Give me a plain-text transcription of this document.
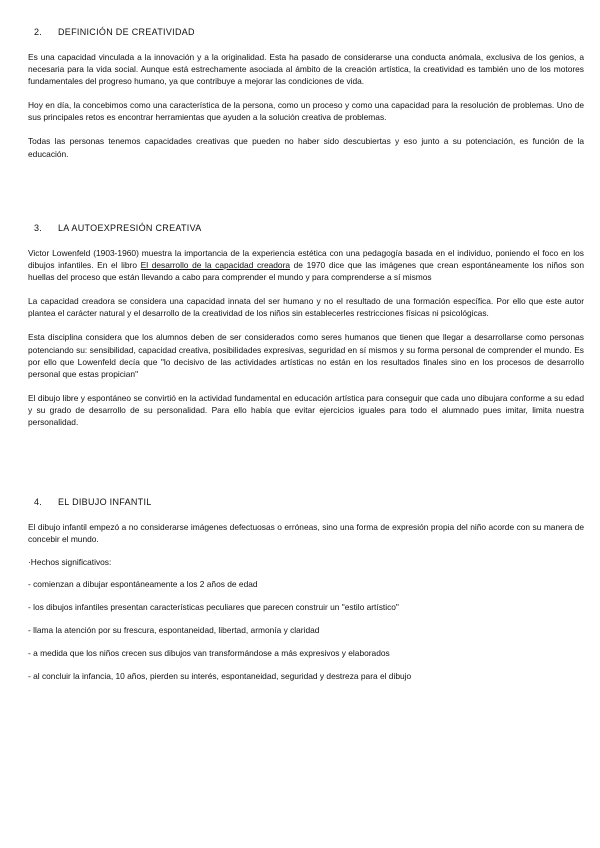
2. DEFINICIÓN DE CREATIVIDAD

Es una capacidad vinculada a la innovación y a la originalidad. Esta ha pasado de considerarse una conducta anómala, exclusiva de los genios, a necesaria para la vida social. Aunque está estrechamente asociada al ámbito de la creación artística, la creatividad es también uno de los motores fundamentales del progreso humano, ya que contribuye a mejorar las condiciones de vida.

Hoy en día, la concebimos como una característica de la persona, como un proceso y como una capacidad para la resolución de problemas. Uno de sus principales retos es encontrar herramientas que ayuden a la solución creativa de problemas.

Todas las personas tenemos capacidades creativas que pueden no haber sido descubiertas y eso junto a su potenciación, es función de la educación.

3. LA AUTOEXPRESIÓN CREATIVA

Victor Lowenfeld (1903-1960) muestra la importancia de la experiencia estética con una pedagogía basada en el individuo, poniendo el foco en los dibujos infantiles. En el libro El desarrollo de la capacidad creadora de 1970 dice que las imágenes que crean espontáneamente los niños son huellas del proceso que están llevando a cabo para comprender el mundo y para comprenderse a sí mismos

La capacidad creadora se considera una capacidad innata del ser humano y no el resultado de una formación específica. Por ello que este autor plantea el carácter natural y el desarrollo de la creatividad de los niños sin establecerles restricciones físicas ni psicológicas.

Esta disciplina considera que los alumnos deben de ser considerados como seres humanos que tienen que llegar a desarrollarse como personas potenciando su: sensibilidad, capacidad creativa, posibilidades expresivas, seguridad en sí mismos y su forma personal de comprender el mundo. Es por ello que Lowenfeld decía que "lo decisivo de las actividades artísticas no están en los resultados finales sino en los procesos de desarrollo personal que estas propician"

El dibujo libre y espontáneo se convirtió en la actividad fundamental en educación artística para conseguir que cada uno dibujara conforme a su edad y su grado de desarrollo de su personalidad. Para ello había que evitar ejercicios iguales para todo el alumnado pues imitar, limita nuestra personalidad.

4. EL DIBUJO INFANTIL

El dibujo infantil empezó a no considerarse imágenes defectuosas o erróneas, sino una forma de expresión propia del niño acorde con su manera de concebir el mundo.

·Hechos significativos:
- comienzan a dibujar espontáneamente a los 2 años de edad
- los dibujos infantiles presentan características peculiares que parecen construir un "estilo artístico"
- llama la atención por su frescura, espontaneidad, libertad, armonía y claridad
- a medida que los niños crecen sus dibujos van transformándose a más expresivos y elaborados
- al concluir la infancia, 10 años, pierden su interés, espontaneidad, seguridad y destreza para el dibujo
